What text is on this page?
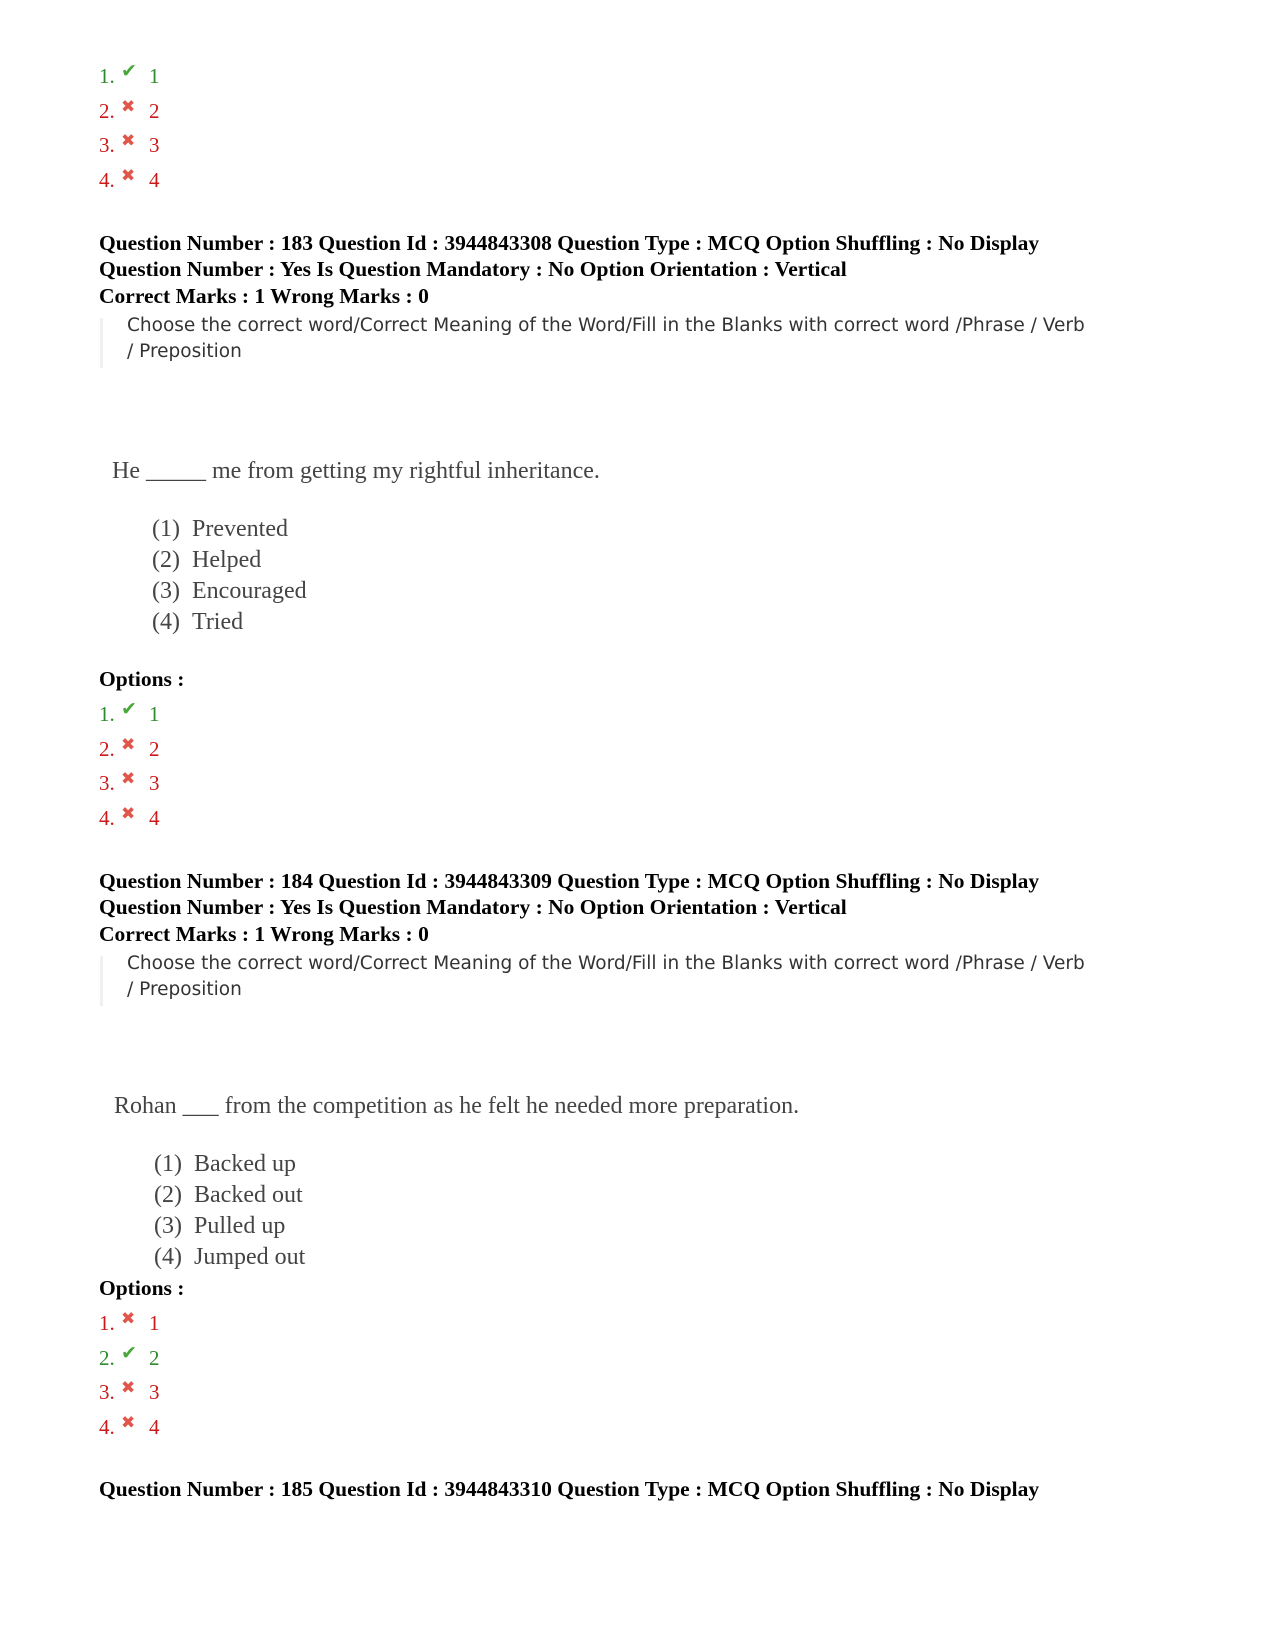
1. ✔ 1
2. ✖ 2
3. ✖ 3
4. ✖ 4
Question Number : 183 Question Id : 3944843308 Question Type : MCQ Option Shuffling : No Display
Question Number : Yes Is Question Mandatory : No Option Orientation : Vertical
Correct Marks : 1 Wrong Marks : 0
Choose the correct word/Correct Meaning of the Word/Fill in the Blanks with correct word /Phrase / Verb / Preposition
He _____ me from getting my rightful inheritance.
(1) Prevented
(2) Helped
(3) Encouraged
(4) Tried
Options :
1. ✔ 1
2. ✖ 2
3. ✖ 3
4. ✖ 4
Question Number : 184 Question Id : 3944843309 Question Type : MCQ Option Shuffling : No Display
Question Number : Yes Is Question Mandatory : No Option Orientation : Vertical
Correct Marks : 1 Wrong Marks : 0
Choose the correct word/Correct Meaning of the Word/Fill in the Blanks with correct word /Phrase / Verb / Preposition
Rohan ___ from the competition as he felt he needed more preparation.
(1) Backed up
(2) Backed out
(3) Pulled up
(4) Jumped out
Options :
1. ✖ 1
2. ✔ 2
3. ✖ 3
4. ✖ 4
Question Number : 185 Question Id : 3944843310 Question Type : MCQ Option Shuffling : No Display
